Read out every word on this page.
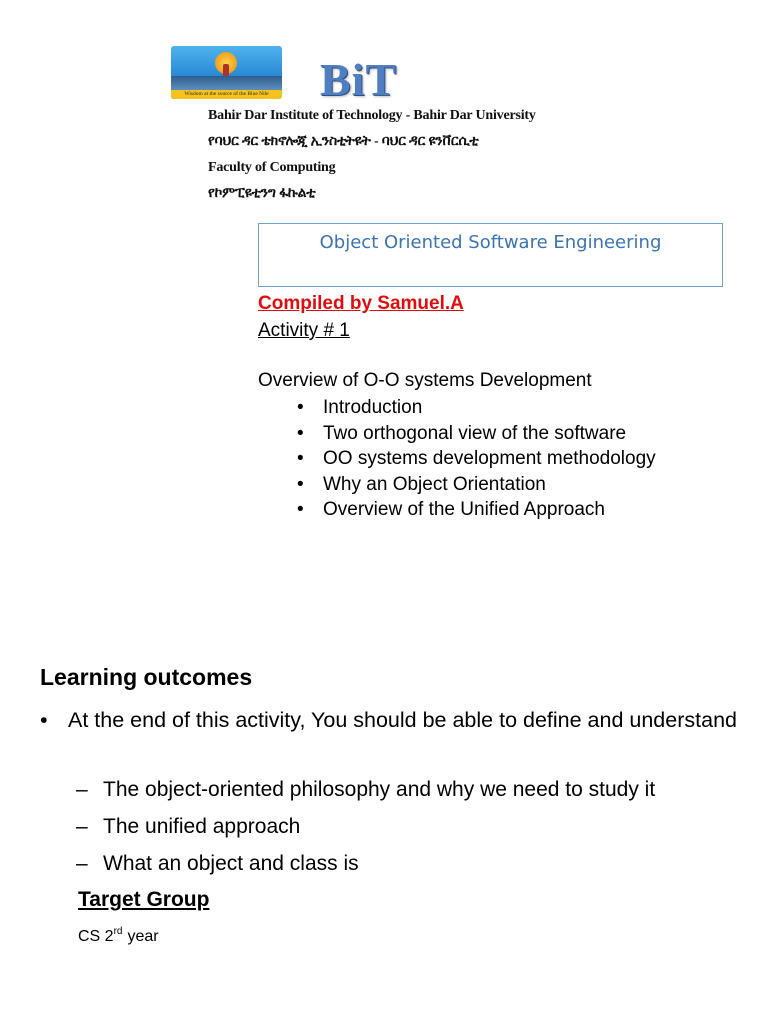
Wisdom at the source of the Blue Nile BiT
Bahir Dar Institute of Technology - Bahir Dar University
የባህር ዳር ቴክኖሎጂ ኢንስቲትዩት - ባህር ዳር ዩንቨርሲቲ
Faculty of Computing
የኮምፒዩቲንግ ፋኩልቲ
Object Oriented Software Engineering
Compiled by Samuel.A
Activity # 1
Overview of O-O systems Development
• Introduction
• Two orthogonal view of the software
• OO systems development methodology
• Why an Object Orientation
• Overview of the Unified Approach
Learning outcomes
• At the end of this activity, You should be able to define and understand
– The object-oriented philosophy and why we need to study it
– The unified approach
– What an object and class is
Target Group
CS 2rd year
